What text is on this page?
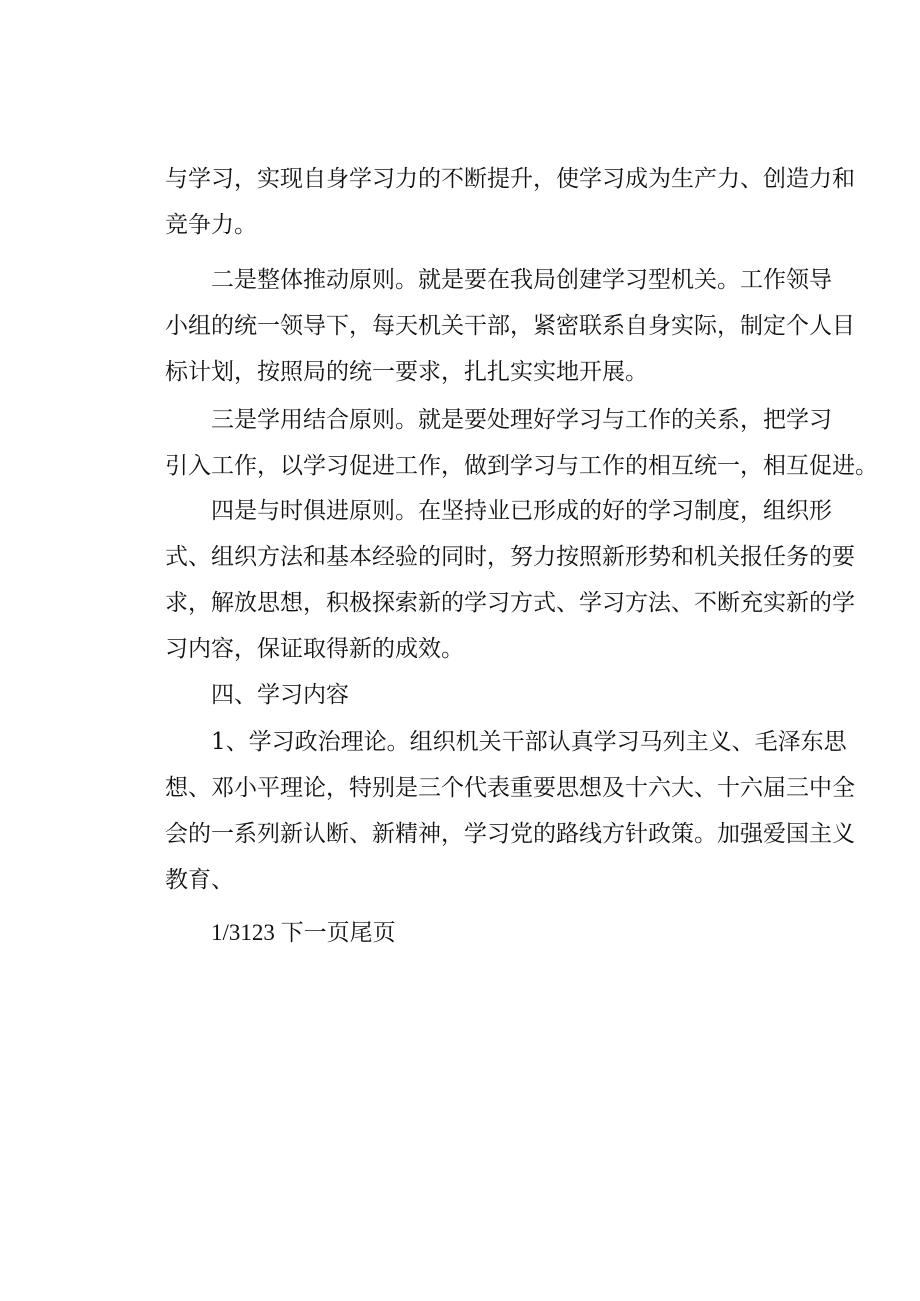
与学习，实现自身学习力的不断提升，使学习成为生产力、创造力和
竞争力。
二是整体推动原则。就是要在我局创建学习型机关。工作领导
小组的统一领导下，每天机关干部，紧密联系自身实际，制定个人目
标计划，按照局的统一要求，扎扎实实地开展。
三是学用结合原则。就是要处理好学习与工作的关系，把学习
引入工作，以学习促进工作，做到学习与工作的相互统一，相互促进。
四是与时俱进原则。在坚持业已形成的好的学习制度，组织形
式、组织方法和基本经验的同时，努力按照新形势和机关报任务的要
求，解放思想，积极探索新的学习方式、学习方法、不断充实新的学
习内容，保证取得新的成效。
四、学习内容
1、学习政治理论。组织机关干部认真学习马列主义、毛泽东思
想、邓小平理论，特别是三个代表重要思想及十六大、十六届三中全
会的一系列新认断、新精神，学习党的路线方针政策。加强爱国主义
教育、
1/3123 下一页尾页
